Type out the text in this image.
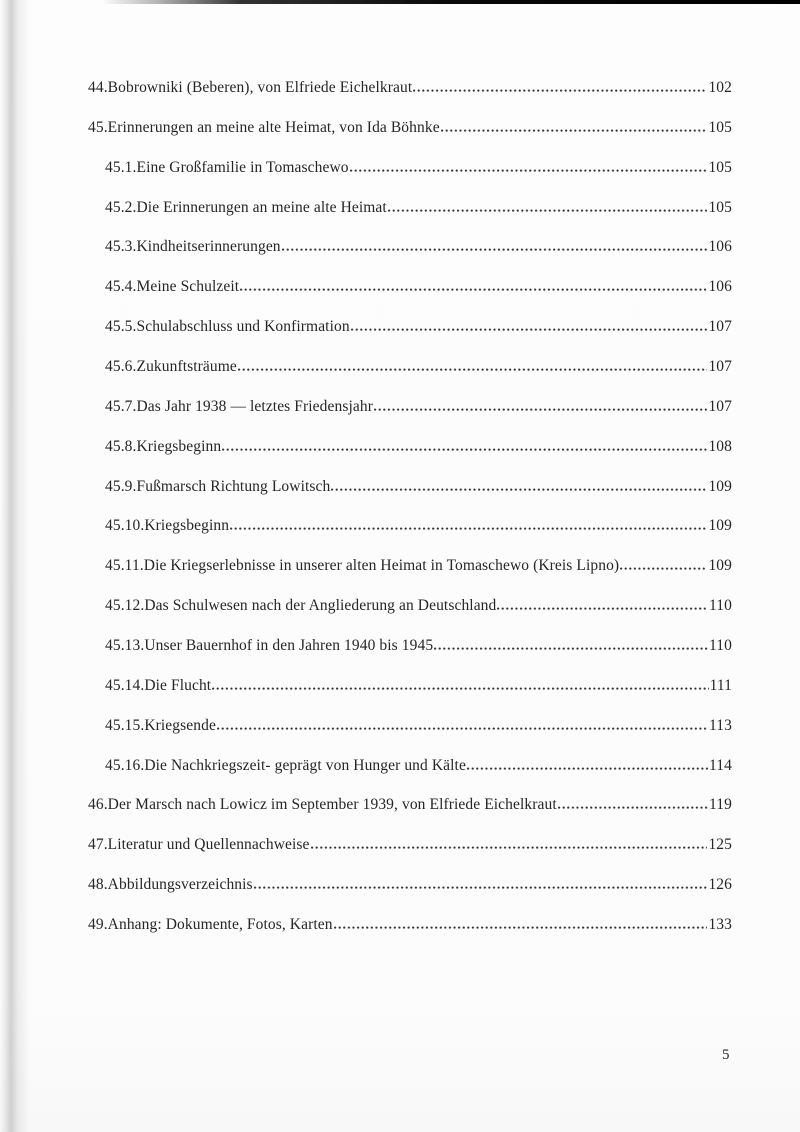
44.Bobrowniki (Beberen), von Elfriede Eichelkraut	102
45.Erinnerungen an meine alte Heimat, von Ida Böhnke	105
45.1.Eine Großfamilie in Tomaschewo	105
45.2.Die Erinnerungen an meine alte Heimat	105
45.3.Kindheitserinnerungen	106
45.4.Meine Schulzeit	106
45.5.Schulabschluss und Konfirmation	107
45.6.Zukunftsträume	107
45.7.Das Jahr 1938 — letztes Friedensjahr	107
45.8.Kriegsbeginn	108
45.9.Fußmarsch Richtung Lowitsch	109
45.10.Kriegsbeginn	109
45.11.Die Kriegserlebnisse in unserer alten Heimat in Tomaschewo (Kreis Lipno)	109
45.12.Das Schulwesen nach der Angliederung an Deutschland	110
45.13.Unser Bauernhof in den Jahren 1940 bis 1945	110
45.14.Die Flucht	111
45.15.Kriegsende	113
45.16.Die Nachkriegszeit- geprägt von Hunger und Kälte	114
46.Der Marsch nach Lowicz im September 1939, von Elfriede Eichelkraut	119
47.Literatur und Quellennachweise	125
48.Abbildungsverzeichnis	126
49.Anhang: Dokumente, Fotos, Karten	133
5
